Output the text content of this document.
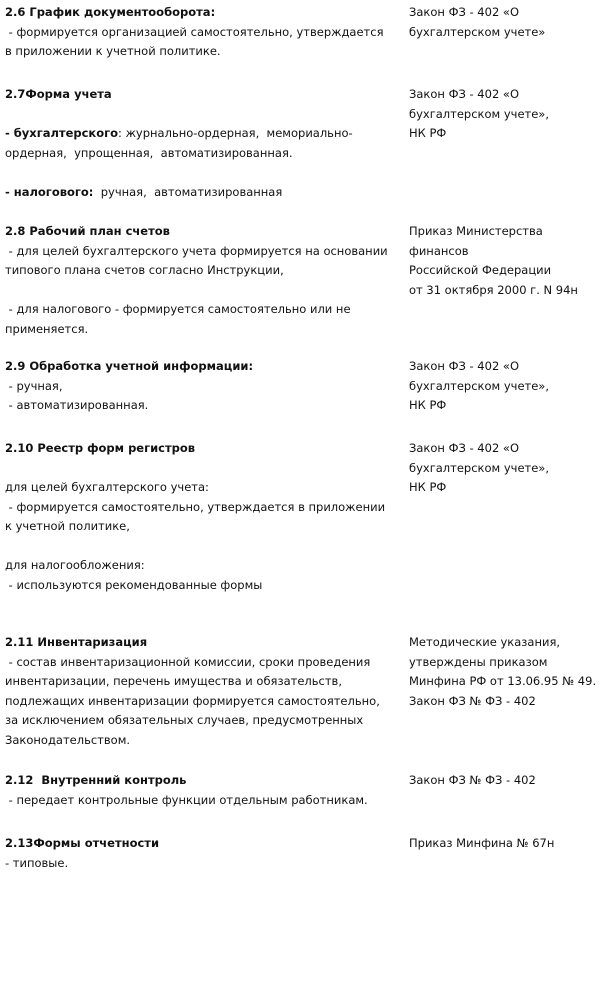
2.6 График документооборота:
- формируется организацией самостоятельно, утверждается
в приложении к учетной политике.
Закон ФЗ - 402 «О
бухгалтерском учете»
2.7Форма учета
- бухгалтерского: журнально-ордерная,  мемориально-
ордерная,  упрощенная,  автоматизированная.
- налогового:  ручная,  автоматизированная
Закон ФЗ - 402 «О
бухгалтерском учете»,
НК РФ
2.8 Рабочий план счетов
- для целей бухгалтерского учета формируется на основании
типового плана счетов согласно Инструкции,
- для налогового - формируется самостоятельно или не
применяется.
Приказ Министерства
финансов
Российской Федерации
от 31 октября 2000 г. N 94н
2.9 Обработка учетной информации:
- ручная,
- автоматизированная.
Закон ФЗ - 402 «О
бухгалтерском учете»,
НК РФ
2.10 Реестр форм регистров
для целей бухгалтерского учета:
- формируется самостоятельно, утверждается в приложении
к учетной политике,
для налогообложения:
- используются рекомендованные формы
Закон ФЗ - 402 «О
бухгалтерском учете»,
НК РФ
2.11 Инвентаризация
- состав инвентаризационной комиссии, сроки проведения
инвентаризации, перечень имущества и обязательств,
подлежащих инвентаризации формируется самостоятельно,
за исключением обязательных случаев, предусмотренных
Законодательством.
Методические указания,
утверждены приказом
Минфина РФ от 13.06.95 № 49.
Закон ФЗ № ФЗ - 402
2.12  Внутренний контроль
- передает контрольные функции отдельным работникам.
Закон ФЗ № ФЗ - 402
2.13Формы отчетности
- типовые.
Приказ Минфина № 67н
